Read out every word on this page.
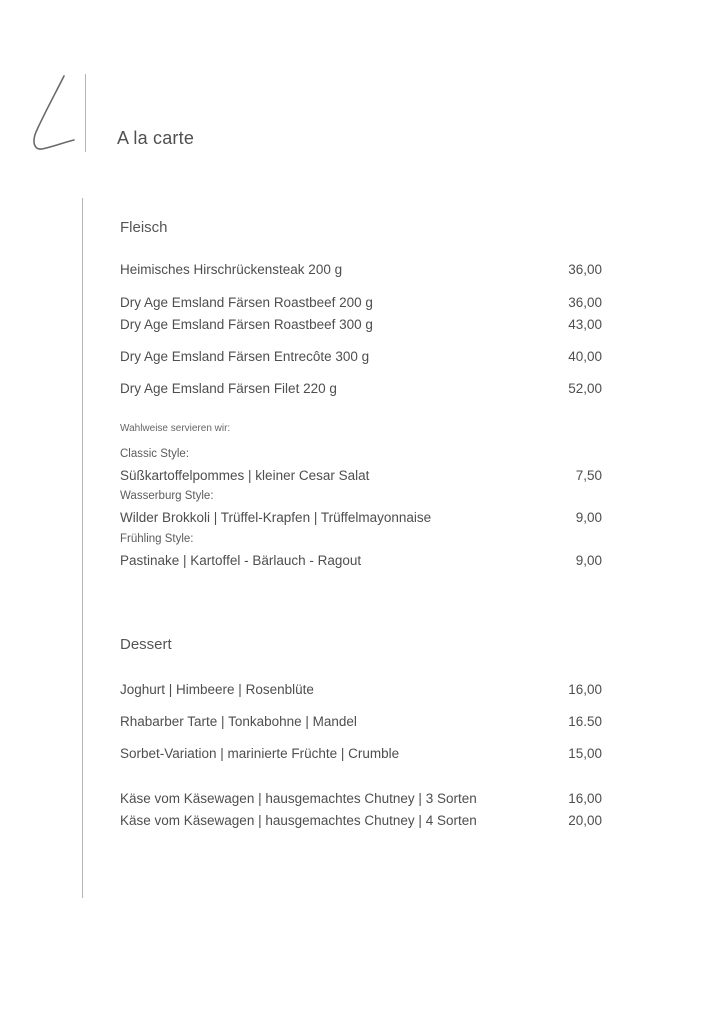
A la carte
Fleisch
Heimisches Hirschrückensteak 200 g	36,00
Dry Age Emsland Färsen Roastbeef 200 g	36,00
Dry Age Emsland Färsen Roastbeef 300 g	43,00
Dry Age Emsland Färsen Entrecôte 300 g	40,00
Dry Age Emsland Färsen Filet 220 g	52,00
Wahlweise servieren wir:
Classic Style:
Süßkartoffelpommes | kleiner Cesar Salat	7,50
Wasserburg Style:
Wilder Brokkoli | Trüffel-Krapfen | Trüffelmayonnaise	9,00
Frühling Style:
Pastinake | Kartoffel - Bärlauch - Ragout	9,00
Dessert
Joghurt | Himbeere | Rosenblüte	16,00
Rhabarber Tarte | Tonkabohne | Mandel	16.50
Sorbet-Variation | marinierte Früchte | Crumble	15,00
Käse vom Käsewagen | hausgemachtes Chutney | 3 Sorten	16,00
Käse vom Käsewagen | hausgemachtes Chutney | 4 Sorten	20,00
